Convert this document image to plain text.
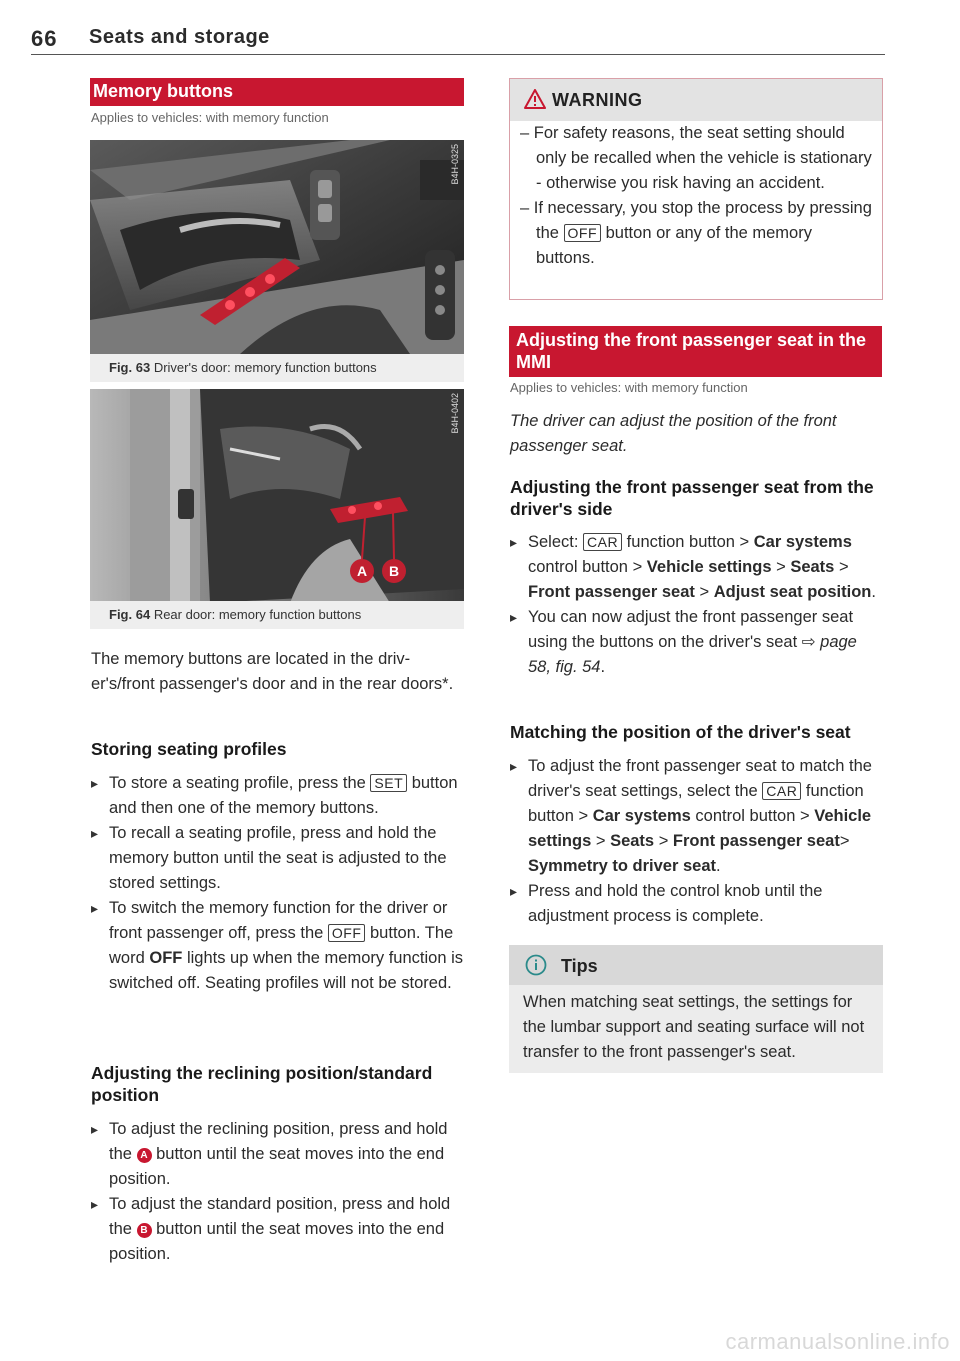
66 Seats and storage
Memory buttons
Applies to vehicles: with memory function
B4H-0325
Fig. 63 Driver's door: memory function buttons
A B
B4H-0402
Fig. 64 Rear door: memory function buttons
The memory buttons are located in the driver's/front passenger's door and in the rear doors*.
Storing seating profiles
▸ To store a seating profile, press the SET button and then one of the memory buttons.
▸ To recall a seating profile, press and hold the memory button until the seat is adjusted to the stored settings.
▸ To switch the memory function for the driver or front passenger off, press the OFF button. The word OFF lights up when the memory function is switched off. Seating profiles will not be stored.
Adjusting the reclining position/standard position
▸ To adjust the reclining position, press and hold the A button until the seat moves into the end position.
▸ To adjust the standard position, press and hold the B button until the seat moves into the end position.
WARNING
– For safety reasons, the seat setting should only be recalled when the vehicle is stationary - otherwise you risk having an accident.
– If necessary, you stop the process by pressing the OFF button or any of the memory buttons.
Adjusting the front passenger seat in the MMI
Applies to vehicles: with memory function
The driver can adjust the position of the front passenger seat.
Adjusting the front passenger seat from the driver's side
▸ Select: CAR function button > Car systems control button > Vehicle settings > Seats > Front passenger seat > Adjust seat position.
▸ You can now adjust the front passenger seat using the buttons on the driver's seat ⇨ page 58, fig. 54.
Matching the position of the driver's seat
▸ To adjust the front passenger seat to match the driver's seat settings, select the CAR function button > Car systems control button > Vehicle settings > Seats > Front passenger seat> Symmetry to driver seat.
▸ Press and hold the control knob until the adjustment process is complete.
Tips
When matching seat settings, the settings for the lumbar support and seating surface will not transfer to the front passenger's seat.
carmanualsonline.info
